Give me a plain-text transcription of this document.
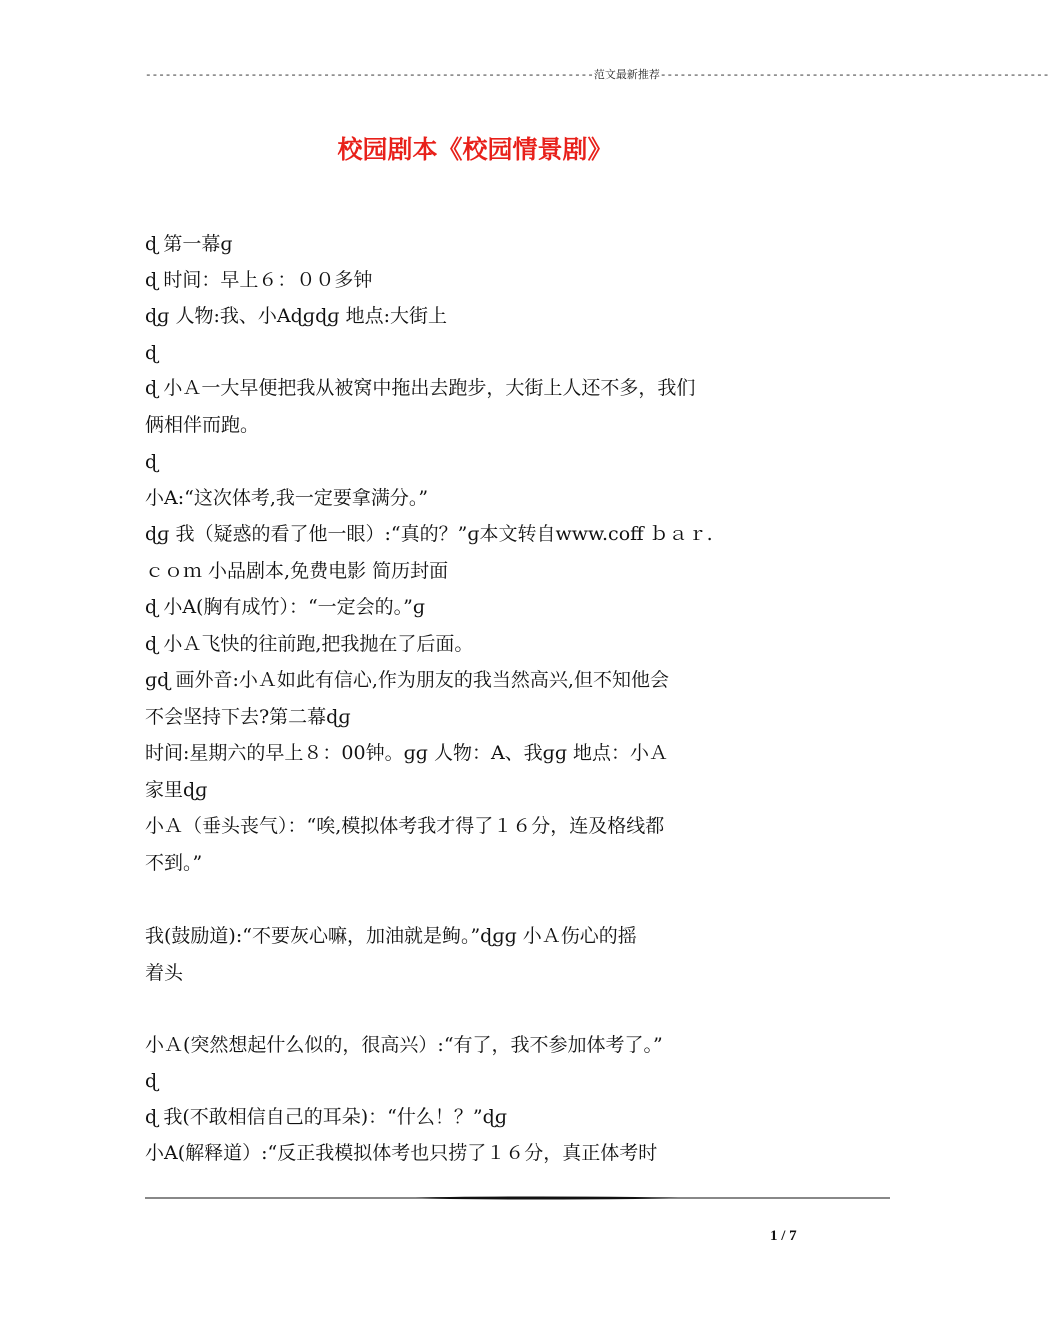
--------------------------------------------------------------------范文最新推荐-----------------------------------------------------------
校园剧本《校园情景剧》
ɖ 第一幕ɡ
ɖ 时间：早上６：００多钟
ɖɡ 人物:我、小Aɖɡɖɡ 地点:大街上
ɖ
ɖ 小Ａ一大早便把我从被窝中拖出去跑步，大街上人还不多，我们
俩相伴而跑。
ɖ
小A:“这次体考,我一定要拿满分。”
ɖɡ 我（疑惑的看了他一眼）:“真的？”ɡ本文转自www.coff ｂａｒ.
ｃｏｍ 小品剧本,免费电影 简历封面
ɖ 小A(胸有成竹）：“一定会的。”ɡ
ɖ 小Ａ飞快的往前跑,把我抛在了后面。
ɡɖ 画外音:小Ａ如此有信心,作为朋友的我当然高兴,但不知他会
不会坚持下去?第二幕ɖɡ
时间:星期六的早上８：00钟。ɡɡ 人物：A、我ɡɡ 地点：小Ａ
家里ɖɡ
小Ａ（垂头丧气）：“唉,模拟体考我才得了１６分，连及格线都
不到。”
我(鼓励道):“不要灰心嘛，加油就是𬶋。”ɖɡɡ 小Ａ伤心的摇
着头
小Ａ(突然想起什么似的，很高兴）:“有了，我不参加体考了。”
ɖ
ɖ 我(不敢相信自己的耳朵)：“什么！？”ɖɡ
小A(解释道）:“反正我模拟体考也只捞了１６分，真正体考时
1 / 7
